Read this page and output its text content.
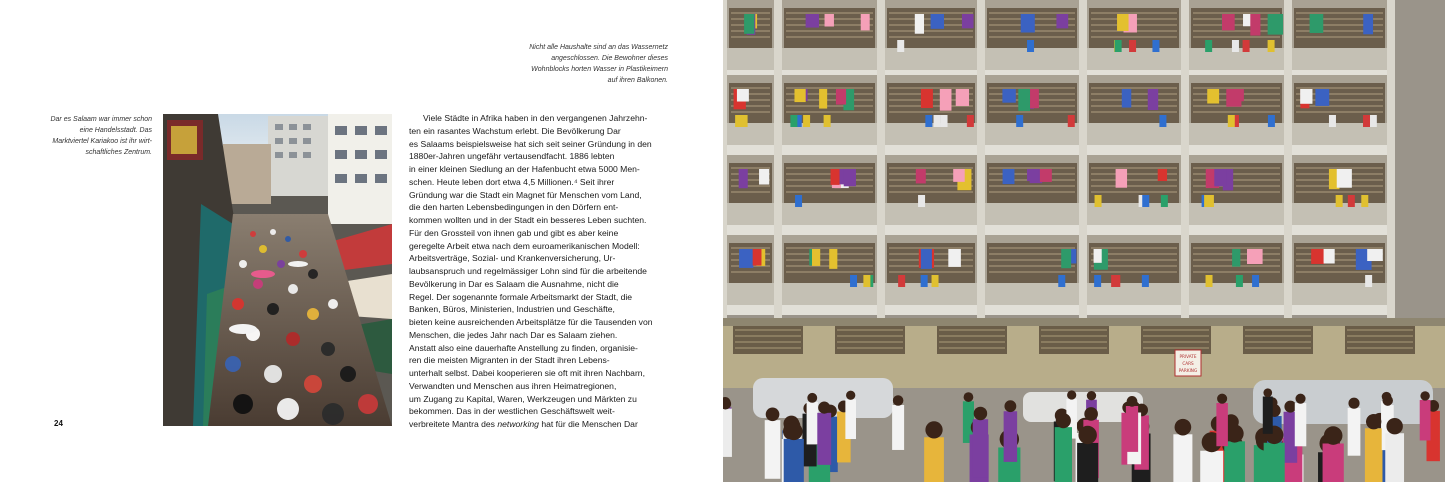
Nicht alle Haushalte sind an das Wassernetz
angeschlossen. Die Bewohner dieses
Wohnblocks horten Wasser in Plastikeimern
auf ihren Balkonen.
Dar es Salaam war immer schon
eine Handelsstadt. Das
Marktviertel Kariakoo ist ihr wirt-
schaftliches Zentrum.
24
Viele Städte in Afrika haben in den vergangenen Jahrzehn-
ten ein rasantes Wachstum erlebt. Die Bevölkerung Dar
es Salaams beispielsweise hat sich seit seiner Gründung in den
1880er-Jahren ungefähr vertausendfacht. 1886 lebten
in einer kleinen Siedlung an der Hafenbucht etwa 5000 Men-
schen. Heute leben dort etwa 4,5 Millionen.⁴ Seit ihrer
Gründung war die Stadt ein Magnet für Menschen vom Land,
die den harten Lebensbedingungen in den Dörfern ent-
kommen wollten und in der Stadt ein besseres Leben suchten.
Für den Grossteil von ihnen gab und gibt es aber keine
geregelte Arbeit etwa nach dem euroamerikanischen Modell:
Arbeitsverträge, Sozial- und Krankenversicherung, Ur-
laubsanspruch und regelmässiger Lohn sind für die arbeitende
Bevölkerung in Dar es Salaam die Ausnahme, nicht die
Regel. Der sogenannte formale Arbeitsmarkt der Stadt, die
Banken, Büros, Ministerien, Industrien und Geschäfte,
bieten keine ausreichenden Arbeitsplätze für die Tausenden von
Menschen, die jedes Jahr nach Dar es Salaam ziehen.
Anstatt also eine dauerhafte Anstellung zu finden, organisie-
ren die meisten Migranten in der Stadt ihren Lebens-
unterhalt selbst. Dabei kooperieren sie oft mit ihren Nachbarn,
Verwandten und Menschen aus ihren Heimatregionen,
um Zugang zu Kapital, Waren, Werkzeugen und Märkten zu
bekommen. Das in der westlichen Geschäftswelt weit-
verbreitete Mantra des networking hat für die Menschen Dar
PRIVATE
CARS
PARKING
